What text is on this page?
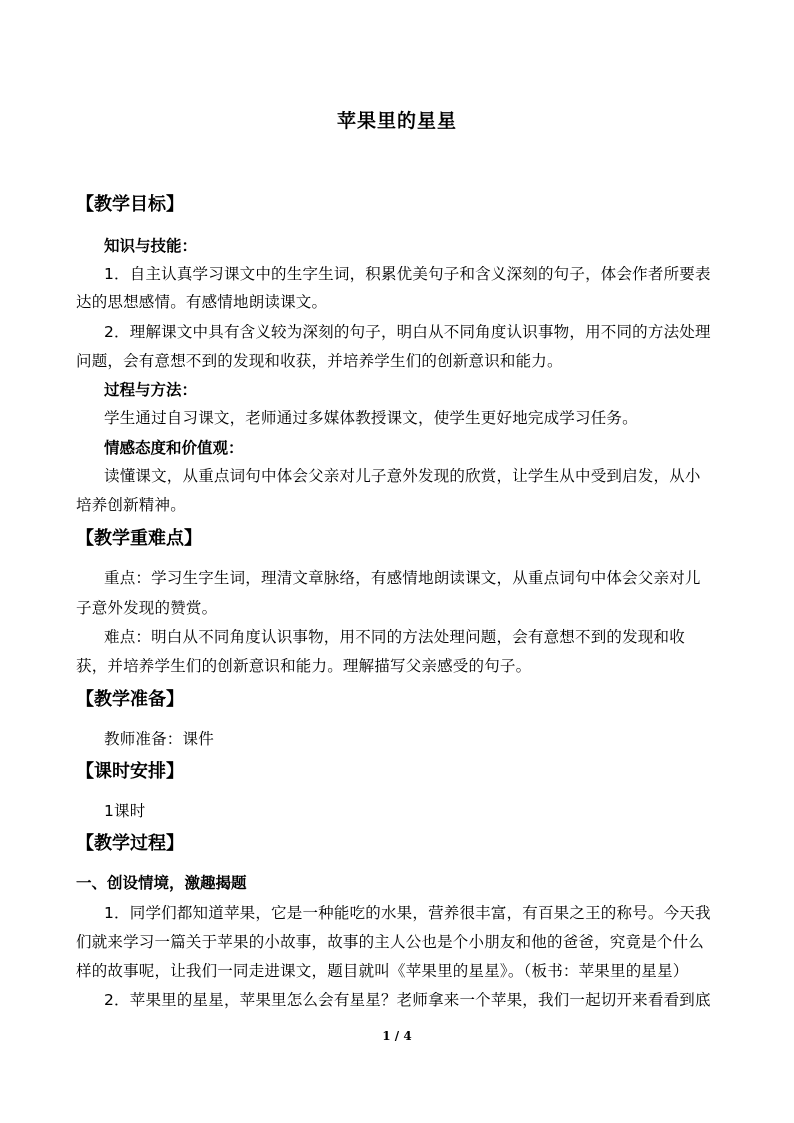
苹果里的星星
【教学目标】
知识与技能：
1．自主认真学习课文中的生字生词，积累优美句子和含义深刻的句子，体会作者所要表
达的思想感情。有感情地朗读课文。
2．理解课文中具有含义较为深刻的句子，明白从不同角度认识事物，用不同的方法处理
问题，会有意想不到的发现和收获，并培养学生们的创新意识和能力。
过程与方法：
学生通过自习课文，老师通过多媒体教授课文，使学生更好地完成学习任务。
情感态度和价值观：
读懂课文，从重点词句中体会父亲对儿子意外发现的欣赏，让学生从中受到启发，从小
培养创新精神。
【教学重难点】
重点：学习生字生词，理清文章脉络，有感情地朗读课文，从重点词句中体会父亲对儿
子意外发现的赞赏。
难点：明白从不同角度认识事物，用不同的方法处理问题，会有意想不到的发现和收
获，并培养学生们的创新意识和能力。理解描写父亲感受的句子。
【教学准备】
教师准备：课件
【课时安排】
1课时
【教学过程】
一、创设情境，激趣揭题
1．同学们都知道苹果，它是一种能吃的水果，营养很丰富，有百果之王的称号。今天我
们就来学习一篇关于苹果的小故事，故事的主人公也是个小朋友和他的爸爸，究竟是个什么
样的故事呢，让我们一同走进课文，题目就叫《苹果里的星星》。（板书：苹果里的星星）
2．苹果里的星星，苹果里怎么会有星星？老师拿来一个苹果，我们一起切开来看看到底
1 / 4
